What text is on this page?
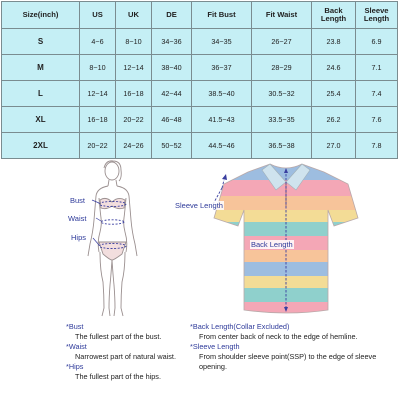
Size(inch)	US	UK	DE	Fit Bust	Fit Waist	Back Length	Sleeve Length
S	4~6	8~10	34~36	34~35	26~27	23.8	6.9
M	8~10	12~14	38~40	36~37	28~29	24.6	7.1
L	12~14	16~18	42~44	38.5~40	30.5~32	25.4	7.4
XL	16~18	20~22	46~48	41.5~43	33.5~35	26.2	7.6
2XL	20~22	24~26	50~52	44.5~46	36.5~38	27.0	7.8
Bust
Waist
Hips
Sleeve Length
Back Length
*Bust
The fullest part of the bust.
*Waist
Narrowest part of natural waist.
*Hips
The fullest part of the hips.
*Back Length(Collar Excluded)
From center back of neck to the edge of hemline.
*Sleeve Length
From shoulder sleeve point(SSP) to the edge of sleeve opening.
